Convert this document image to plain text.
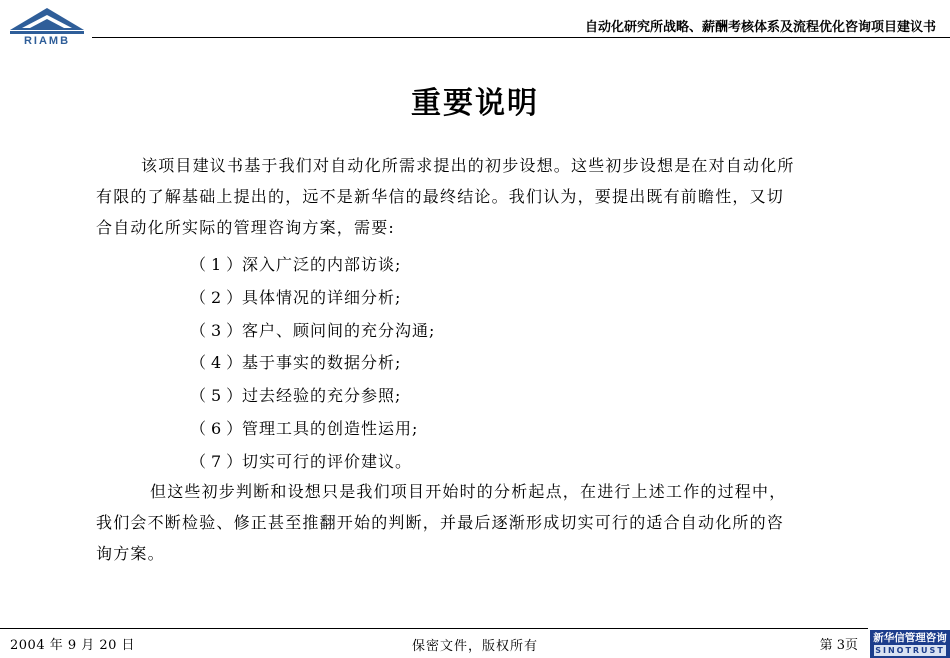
RIAMB
自动化研究所战略、薪酬考核体系及流程优化咨询项目建议书
重要说明
该项目建议书基于我们对自动化所需求提出的初步设想。这些初步设想是在对自动化所
有限的了解基础上提出的，远不是新华信的最终结论。我们认为，要提出既有前瞻性，又切
合自动化所实际的管理咨询方案，需要:
（1）深入广泛的内部访谈;
（2）具体情况的详细分析;
（3）客户、顾问间的充分沟通;
（4）基于事实的数据分析;
（5）过去经验的充分参照;
（6）管理工具的创造性运用;
（7）切实可行的评价建议。
但这些初步判断和设想只是我们项目开始时的分析起点，在进行上述工作的过程中，
我们会不断检验、修正甚至推翻开始的判断，并最后逐渐形成切实可行的适合自动化所的咨
询方案。
2004 年 9 月 20 日	保密文件，版权所有	第 3页	新华信管理咨询
SINOTRUST
